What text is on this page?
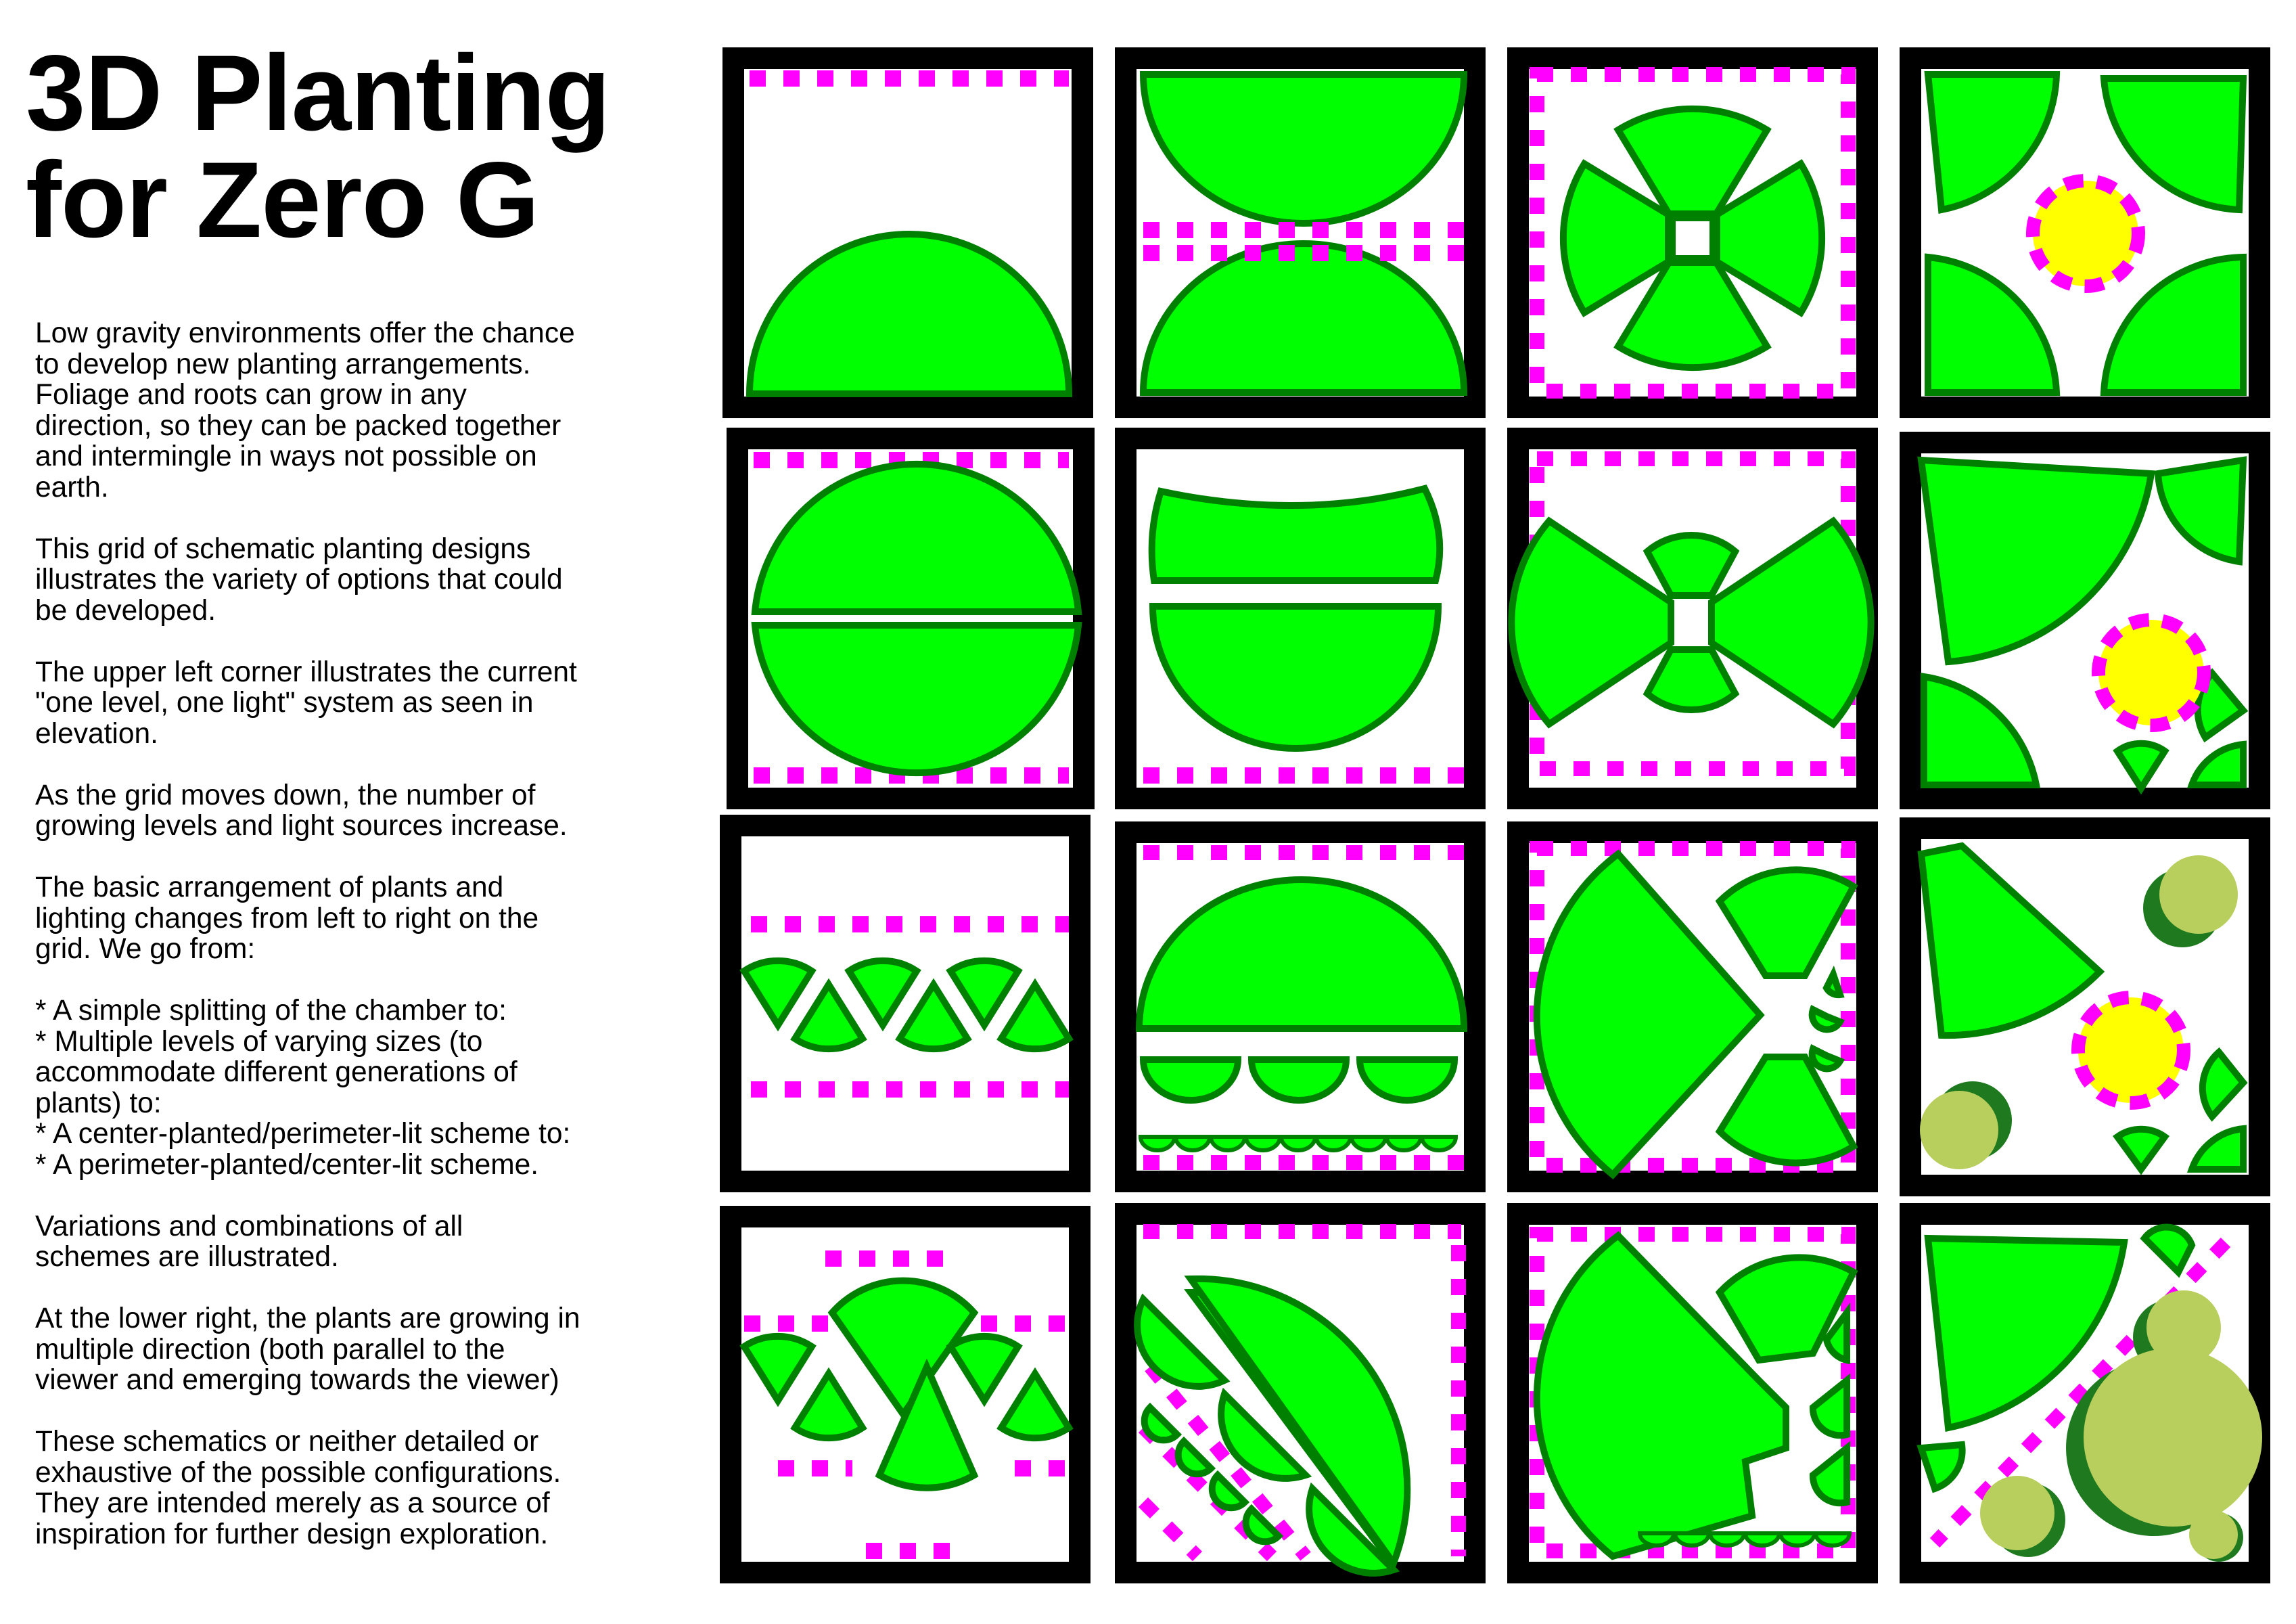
3D Planting
for Zero G

Low gravity environments offer the chance
to develop new planting arrangements.
Foliage and roots can grow in any
direction, so they can be packed together
and intermingle in ways not possible on
earth.

This grid of schematic planting designs
illustrates the variety of options that could
be developed.

The upper left corner illustrates the current
"one level, one light" system as seen in
elevation.

As the grid moves down, the number of
growing levels and light sources increase.

The basic arrangement of plants and
lighting changes from left to right on the
grid. We go from:

* A simple splitting of the chamber to:
* Multiple levels of varying sizes (to
accommodate different generations of
plants) to:
* A center-planted/perimeter-lit scheme to:
* A perimeter-planted/center-lit scheme.

Variations and combinations of all
schemes are illustrated.

At the lower right, the plants are growing in
multiple direction (both parallel to the
viewer and emerging towards the viewer)

These schematics or neither detailed or
exhaustive of the possible configurations.
They are intended merely as a source of
inspiration for further design exploration.
